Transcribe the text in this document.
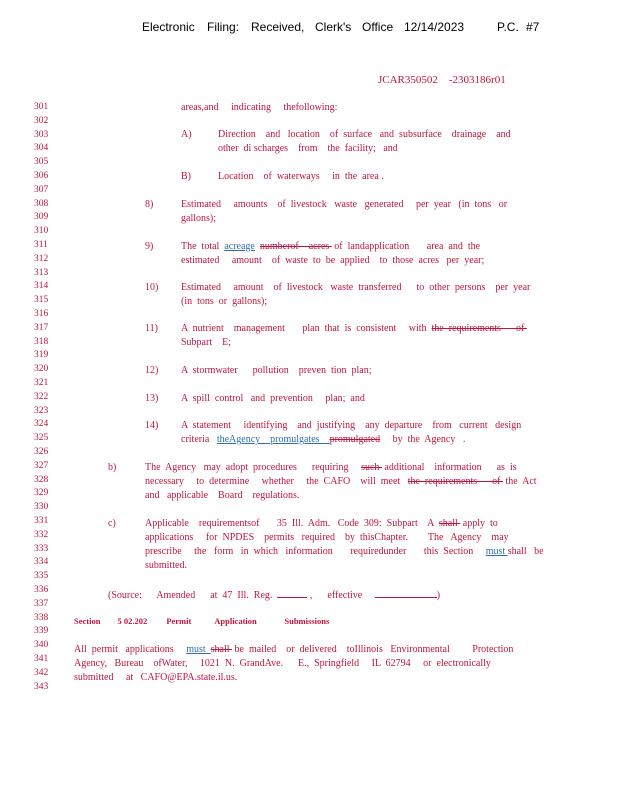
Electronic Filing: Received, Clerk's Office 12/14/2023	P.C. #7
JCAR350502    -2303186r01
301
302
303
304
305
306
307
308
309
310
311
312
313
314
315
316
317
318
319
320
321
322
323
324
325
326
327
328
329
330
331
332
333
334
335
336
337
338
339
340
341
342
343
areas,and     indicating     thefollowing:
A)	Direction    and   location    of  surface   and  subsurface    drainage    and
other  di scharges    from    the  facility;   and
B)	Location    of  waterways     in  the  area .
8)	Estimated     amounts    of  livestock   waste   generated     per  year   (in  tons   or
gallons);
9)	The  total  acreage numberof    acres  of  landapplication       area  and  the
estimated     amount    of  waste  to  be  applied    to  those  acres   per  year;
10) Estimated     amount    of  livestock   waste  transferred      to  other  persons    per  year
(in  tons  or  gallons);
11) A  nutrient    management       plan  that  is  consistent     with  the  requirements      of
Subpart    E;
12) A  stormwater      pollution    preven  tion  plan;
13) A  spill  control   and  prevention     plan;  and
14) A  statement     identifying    and  justifying    any  departure    from   current   design
criteria   theAgency    promulgates    promulgated     by  the  Agency   .
b)	The  Agency   may  adopt  procedures      requiring     such  additional    information      as  is
necessary     to  determine     whether     the  CAFO    will  meet   the  requirements      of  the  Act
and   applicable    Board    regulations.
c)	Applicable    requirementsof       35  Ill.  Adm.   Code  309:  Subpart    A  shall  apply  to
applications     for  NPDES    permits   required    by  thisChapter.        The   Agency    may
prescribe     the   form   in  which   information       requiredunder       this  Section     must shall   be
submitted.
(Source:      Amended      at  47  Ill.  Reg.	,      effective	)
Section        5 02.202         Permit           Application             Submissions
All  permit   applications     must  shall  be  mailed    or  delivered    toIllinois   Environmental         Protection
Agency,   Bureau    ofWater,     1021  N.  GrandAve.      E.,  Springfield     IL  62794     or  electronically
submitted     at   CAFO@EPA.state.il.us.
